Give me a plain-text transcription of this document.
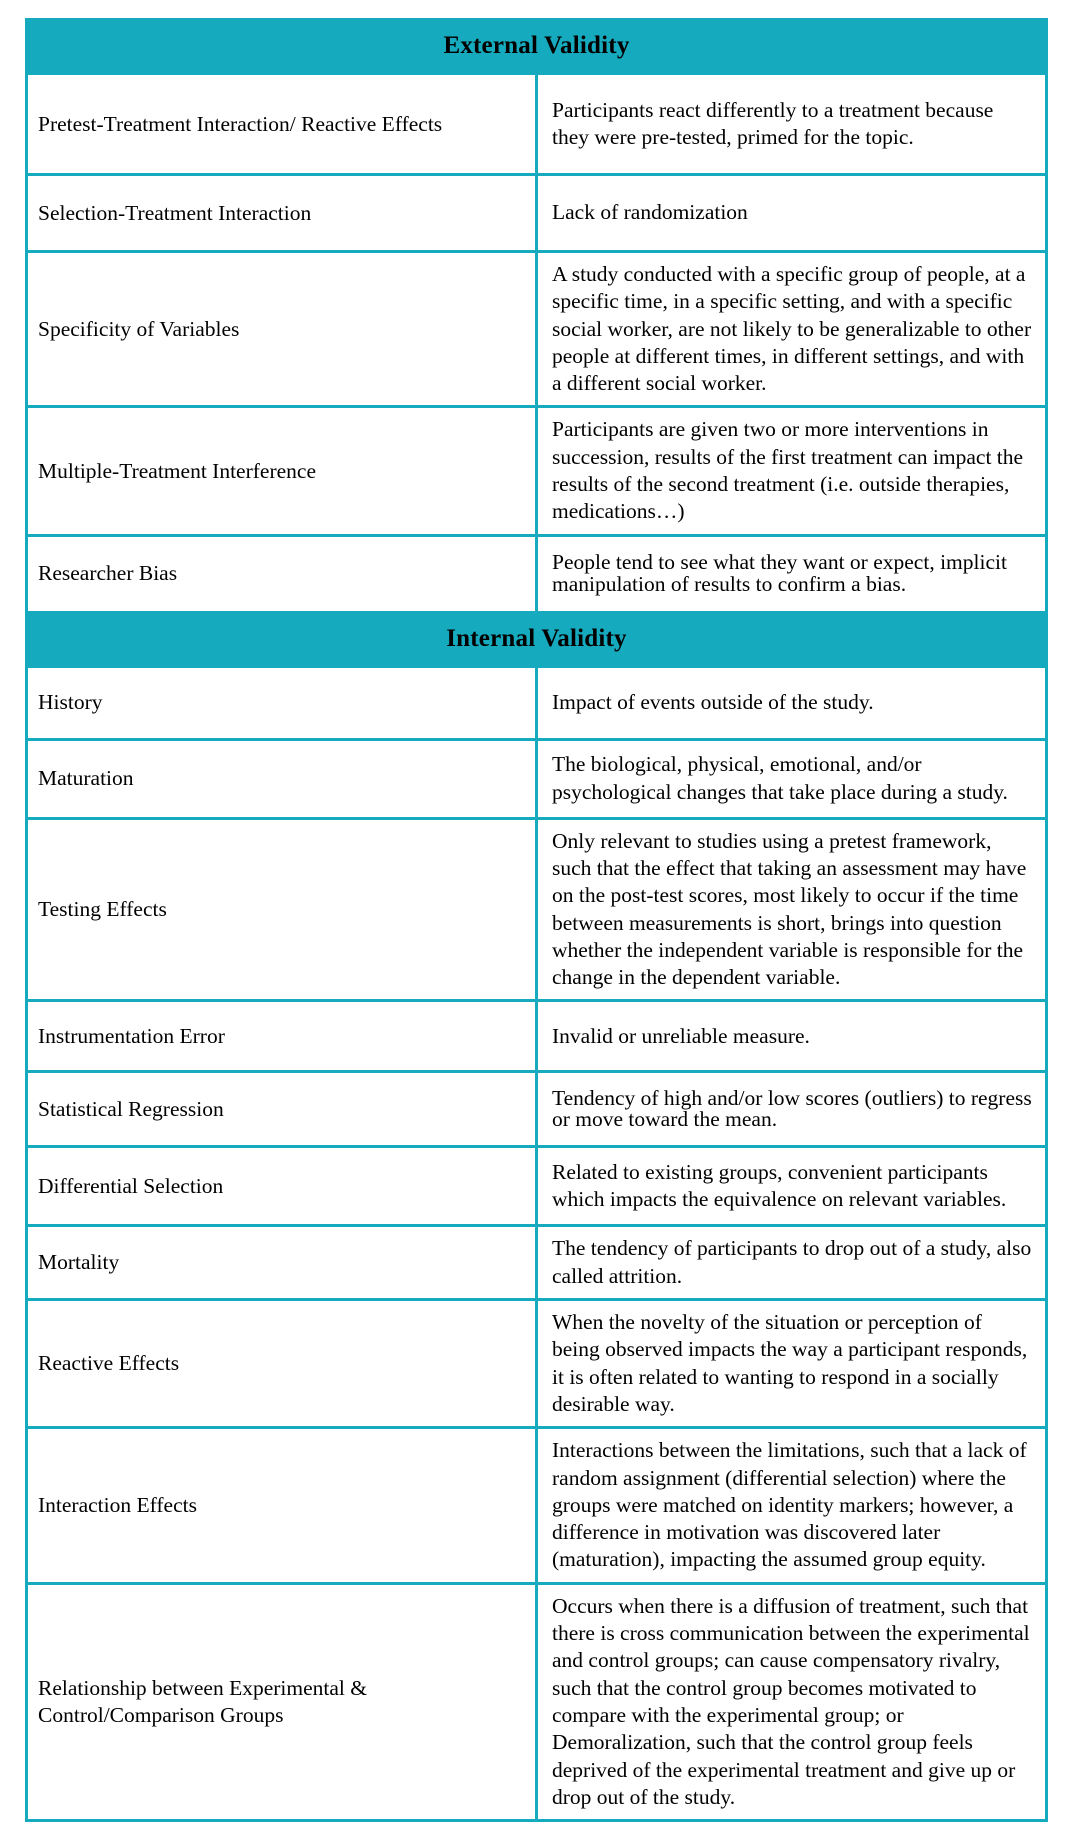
External Validity	
Pretest-Treatment Interaction/ Reactive Effects	Participants react differently to a treatment because they were pre-tested, primed for the topic.
Selection-Treatment Interaction	Lack of randomization
Specificity of Variables	A study conducted with a specific group of people, at a specific time, in a specific setting, and with a specific social worker, are not likely to be generalizable to other people at different times, in different settings, and with a different social worker.
Multiple-Treatment Interference	Participants are given two or more interventions in succession, results of the first treatment can impact the results of the second treatment (i.e. outside therapies, medications…)
Researcher Bias	People tend to see what they want or expect, implicit manipulation of results to confirm a bias.
Internal Validity	
History	Impact of events outside of the study.
Maturation	The biological, physical, emotional, and/or psychological changes that take place during a study.
Testing Effects	Only relevant to studies using a pretest framework, such that the effect that taking an assessment may have on the post-test scores, most likely to occur if the time between measurements is short, brings into question whether the independent variable is responsible for the change in the dependent variable.
Instrumentation Error	Invalid or unreliable measure.
Statistical Regression	Tendency of high and/or low scores (outliers) to regress or move toward the mean.
Differential Selection	Related to existing groups, convenient participants which impacts the equivalence on relevant variables.
Mortality	The tendency of participants to drop out of a study, also called attrition.
Reactive Effects	When the novelty of the situation or perception of being observed impacts the way a participant responds, it is often related to wanting to respond in a socially desirable way.
Interaction Effects	Interactions between the limitations, such that a lack of random assignment (differential selection) where the groups were matched on identity markers; however, a difference in motivation was discovered later (maturation), impacting the assumed group equity.
Relationship between Experimental & Control/Comparison Groups	Occurs when there is a diffusion of treatment, such that there is cross communication between the experimental and control groups; can cause compensatory rivalry, such that the control group becomes motivated to compare with the experimental group; or Demoralization, such that the control group feels deprived of the experimental treatment and give up or drop out of the study.
